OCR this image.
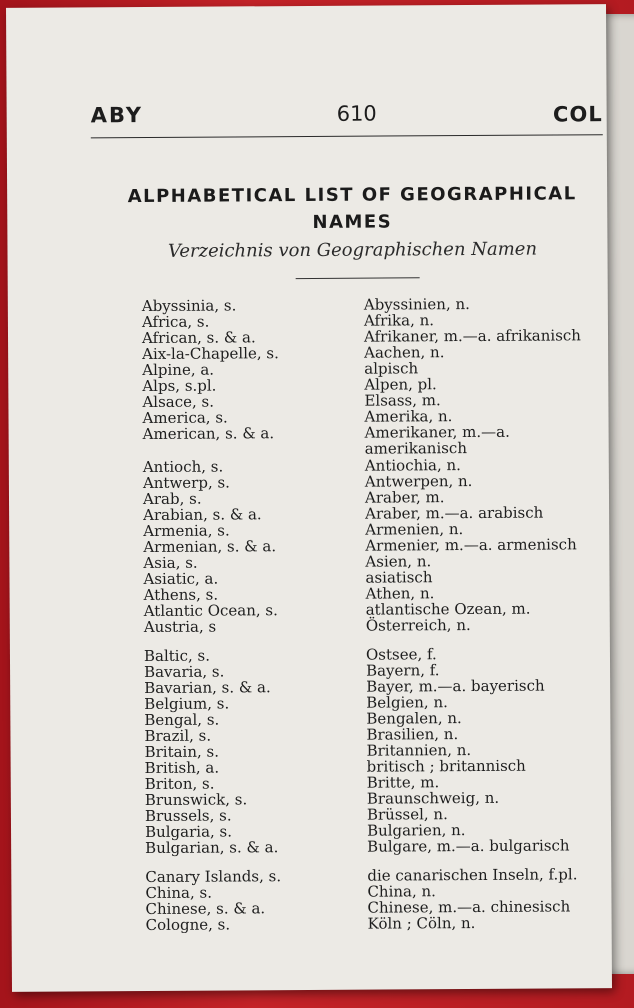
ABY	610	COL
ALPHABETICAL LIST OF GEOGRAPHICAL NAMES
Verzeichnis von Geographischen Namen
Abyssinia, s.	Abyssinien, n.
Africa, s.	Afrika, n.
African, s. & a.	Afrikaner, m.—a. afrikanisch
Aix-la-Chapelle, s.	Aachen, n.
Alpine, a.	alpisch
Alps, s.pl.	Alpen, pl.
Alsace, s.	Elsass, m.
America, s.	Amerika, n.
American, s. & a.	Amerikaner, m.—a. amerikanisch
Antioch, s.	Antiochia, n.
Antwerp, s.	Antwerpen, n.
Arab, s.	Araber, m.
Arabian, s. & a.	Araber, m.—a. arabisch
Armenia, s.	Armenien, n.
Armenian, s. & a.	Armenier, m.—a. armenisch
Asia, s.	Asien, n.
Asiatic, a.	asiatisch
Athens, s.	Athen, n.
Atlantic Ocean, s.	atlantische Ozean, m.
Austria, s	Österreich, n.
Baltic, s.	Ostsee, f.
Bavaria, s.	Bayern, f.
Bavarian, s. & a.	Bayer, m.—a. bayerisch
Belgium, s.	Belgien, n.
Bengal, s.	Bengalen, n.
Brazil, s.	Brasilien, n.
Britain, s.	Britannien, n.
British, a.	britisch ; britannisch
Briton, s.	Britte, m.
Brunswick, s.	Braunschweig, n.
Brussels, s.	Brüssel, n.
Bulgaria, s.	Bulgarien, n.
Bulgarian, s. & a.	Bulgare, m.—a. bulgarisch
Canary Islands, s.	die canarischen Inseln, f.pl.
China, s.	China, n.
Chinese, s. & a.	Chinese, m.—a. chinesisch
Cologne, s.	Köln ; Cöln, n.
